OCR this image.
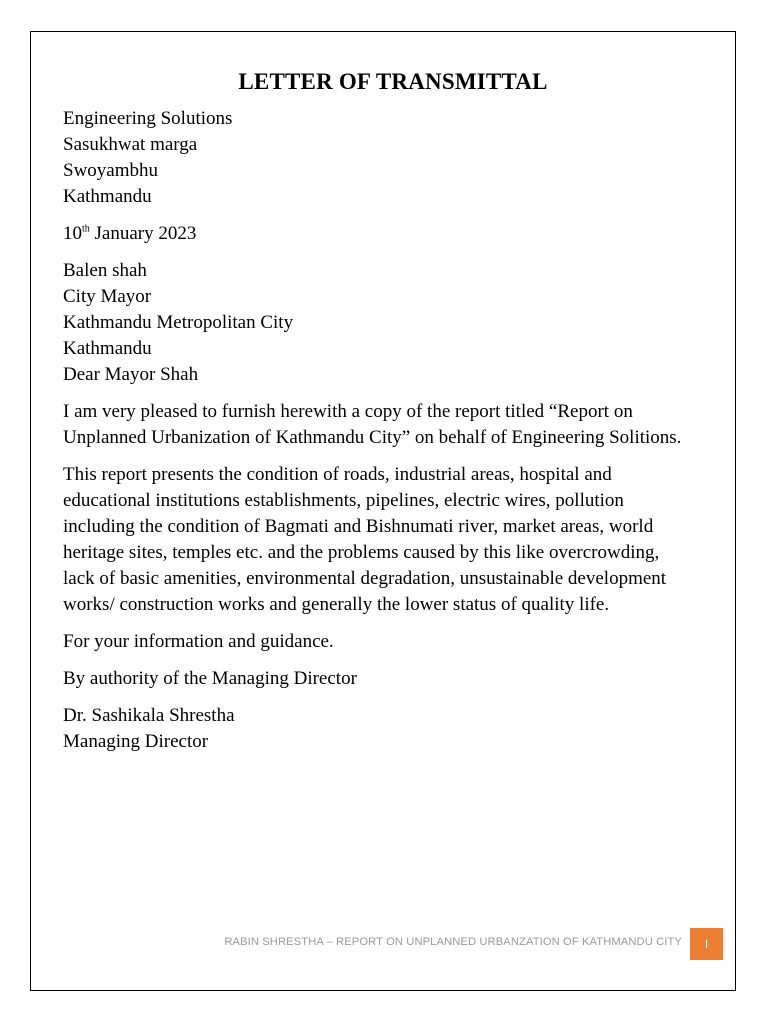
LETTER OF TRANSMITTAL
Engineering Solutions
Sasukhwat marga
Swoyambhu
Kathmandu
10th January 2023
Balen shah
City Mayor
Kathmandu Metropolitan City
Kathmandu
Dear Mayor Shah
I am very pleased to furnish herewith a copy of the report titled “Report on
Unplanned Urbanization of Kathmandu City” on behalf of Engineering Solitions.
This report presents the condition of roads, industrial areas, hospital and
educational institutions establishments, pipelines, electric wires, pollution
including the condition of Bagmati and Bishnumati river, market areas, world
heritage sites, temples etc. and the problems caused by this like overcrowding,
lack of basic amenities, environmental degradation, unsustainable development
works/ construction works and generally the lower status of quality life.
For your information and guidance.
By authority of the Managing Director
Dr. Sashikala Shrestha
Managing Director
RABIN SHRESTHA – REPORT ON UNPLANNED URBANZATION OF KATHMANDU CITY	I
